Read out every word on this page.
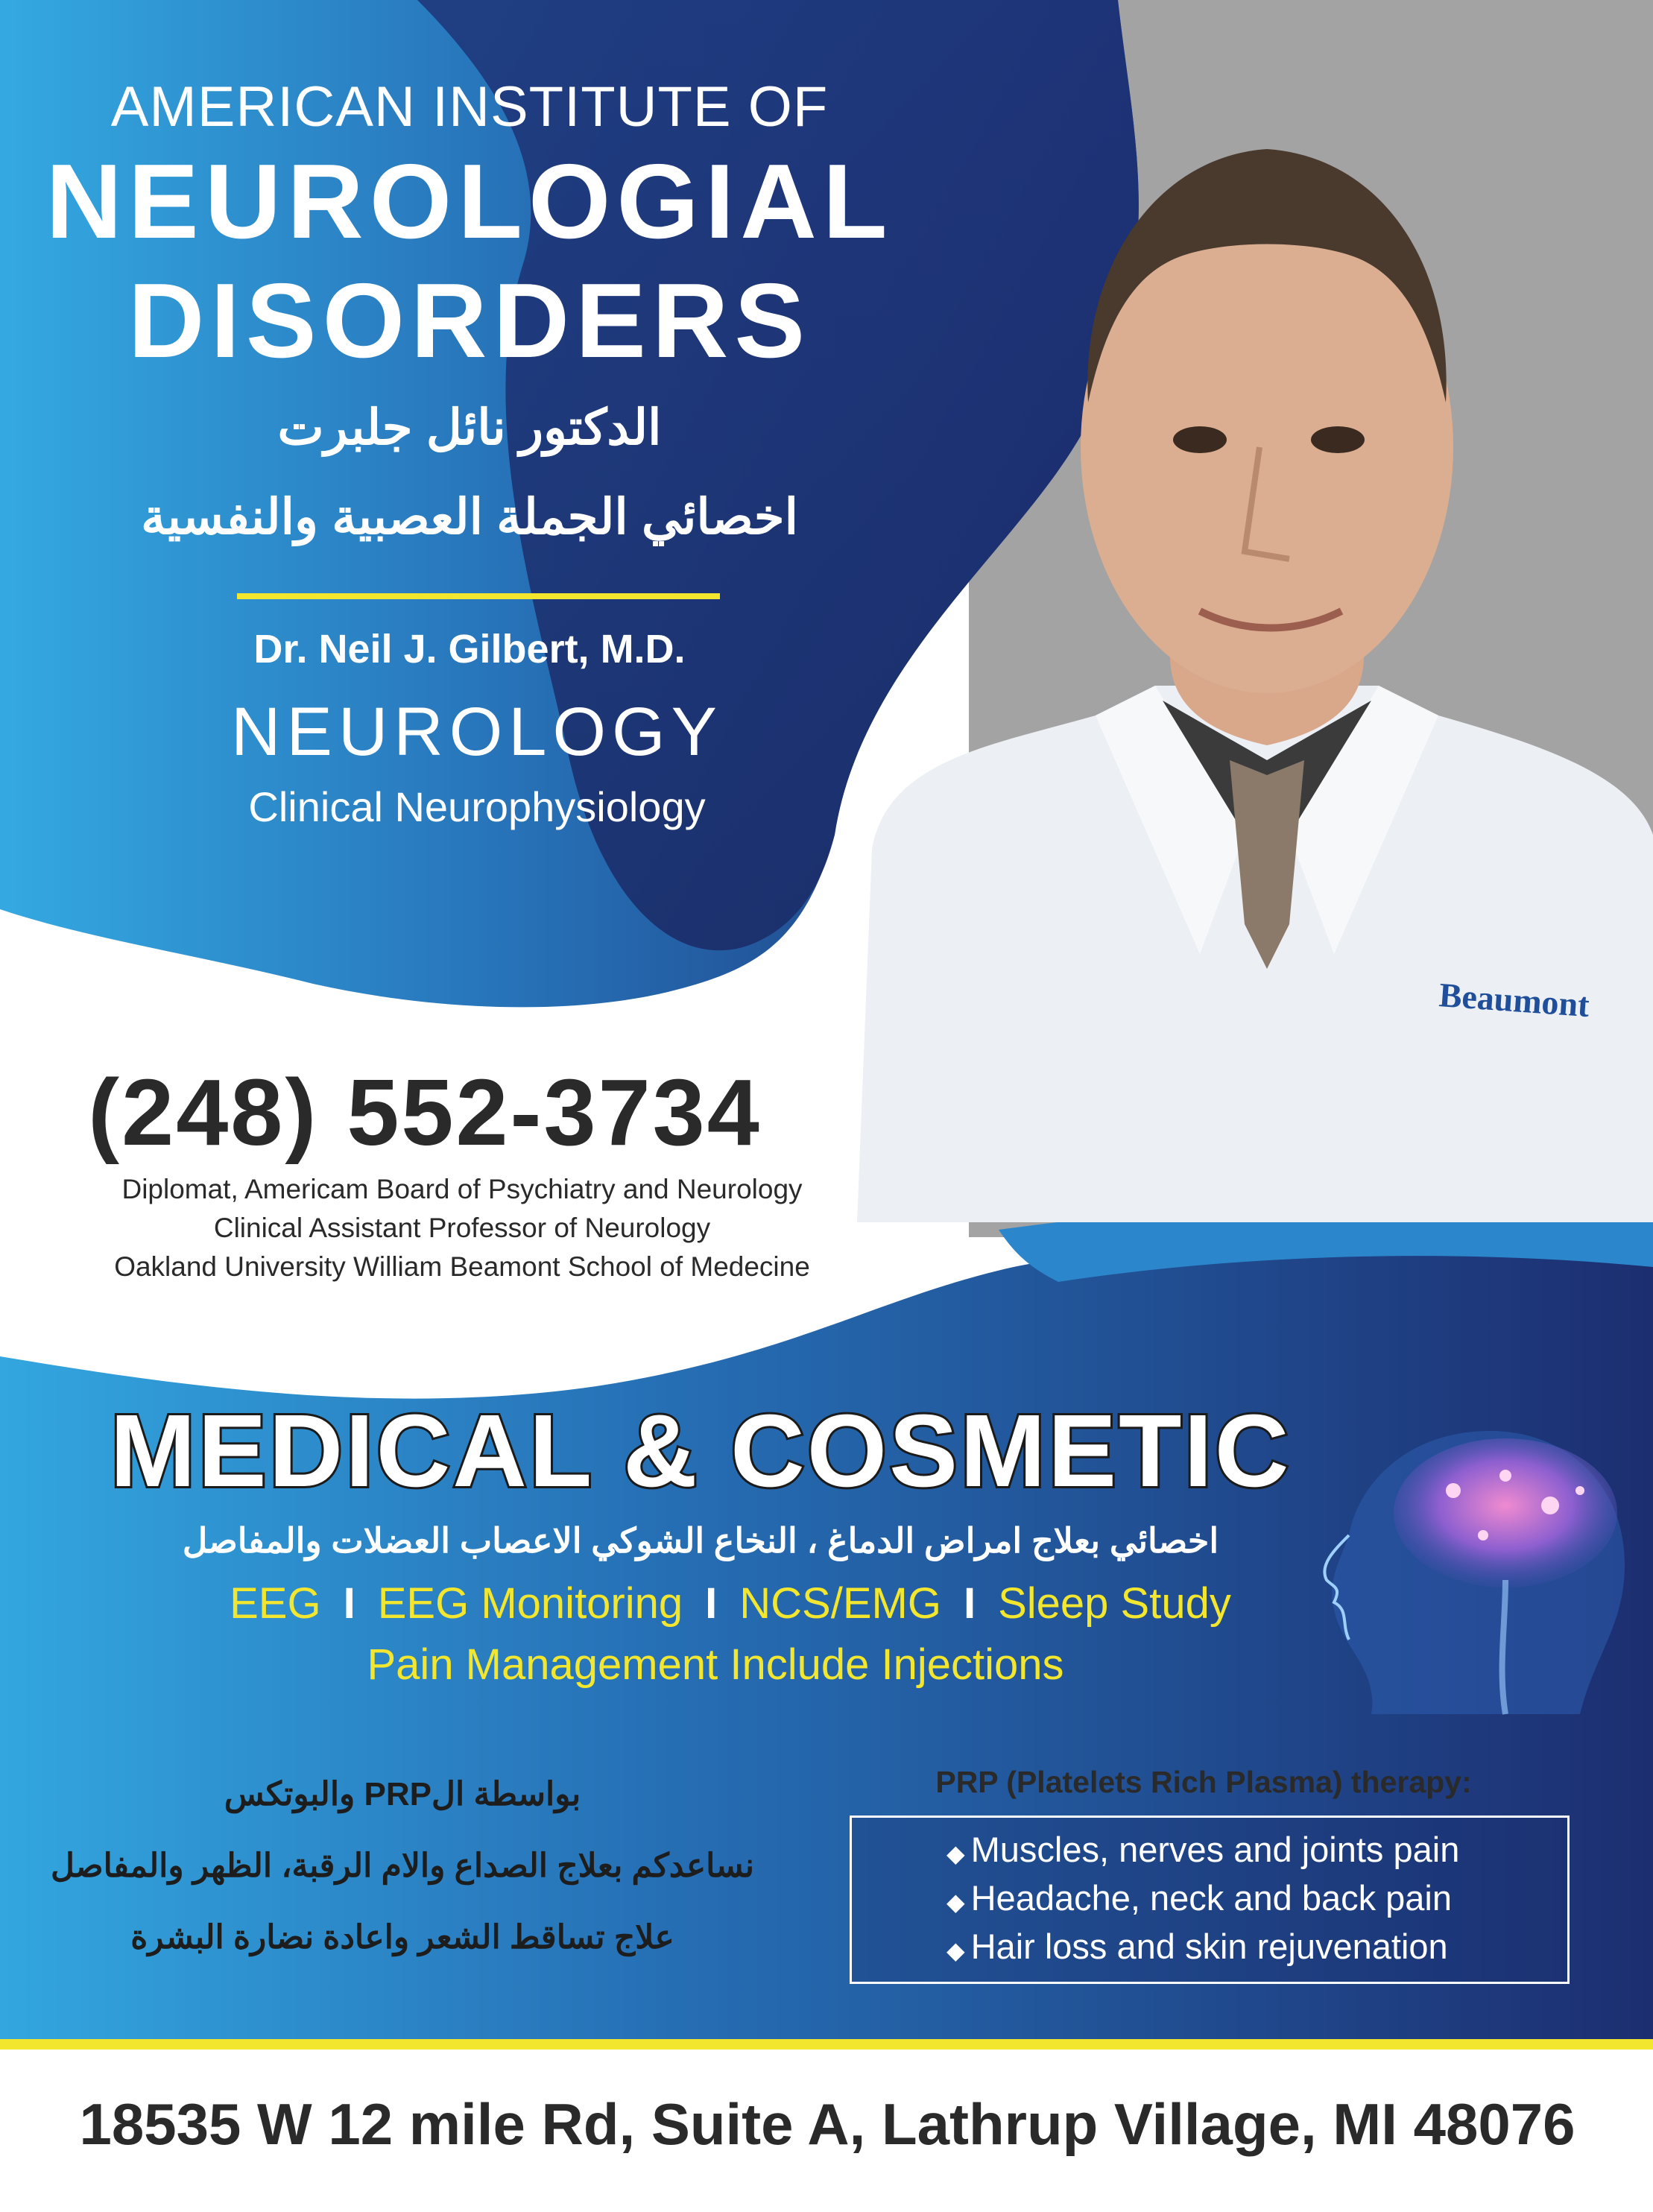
Beaumont

AMERICAN INSTITUTE OF

NEUROLOGIAL

DISORDERS

الدكتور نائل جلبرت

اخصائي الجملة العصبية والنفسية

Dr. Neil J. Gilbert, M.D.

NEUROLOGY

Clinical Neurophysiology

(248) 552-3734

Diplomat, Americam Board of Psychiatry and Neurology

Clinical Assistant Professor of Neurology

Oakland University William Beamont School of Medecine

MEDICAL & COSMETIC

اخصائي بعلاج امراض الدماغ ، النخاع الشوكي الاعصاب العضلات والمفاصل

EEG I EEG Monitoring I NCS/EMG I Sleep Study

Pain Management Include Injections

بواسطة الPRP والبوتكس
نساعدكم بعلاج الصداع والام الرقبة، الظهر والمفاصل
علاج تساقط الشعر واعادة نضارة البشرة

PRP (Platelets Rich Plasma) therapy:

◆ Muscles, nerves and joints pain
◆ Headache, neck and back pain
◆ Hair loss and skin rejuvenation

18535 W 12 mile Rd, Suite A, Lathrup Village, MI 48076
